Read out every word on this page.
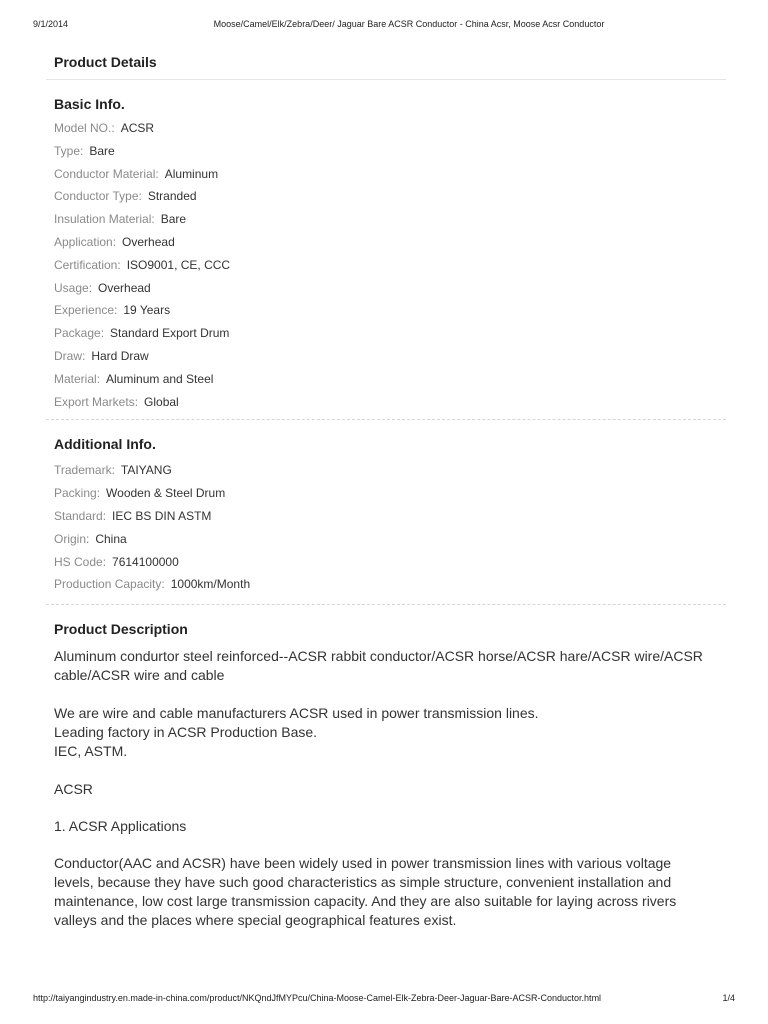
9/1/2014	Moose/Camel/Elk/Zebra/Deer/ Jaguar Bare ACSR Conductor - China Acsr, Moose Acsr Conductor
Product Details
Basic Info.
Model NO.: ACSR
Type: Bare
Conductor Material: Aluminum
Conductor Type: Stranded
Insulation Material: Bare
Application: Overhead
Certification: ISO9001, CE, CCC
Usage: Overhead
Experience: 19 Years
Package: Standard Export Drum
Draw: Hard Draw
Material: Aluminum and Steel
Export Markets: Global
Additional Info.
Trademark: TAIYANG
Packing: Wooden & Steel Drum
Standard: IEC BS DIN ASTM
Origin: China
HS Code: 7614100000
Production Capacity: 1000km/Month
Product Description

Aluminum condurtor steel reinforced--ACSR rabbit conductor/ACSR horse/ACSR hare/ACSR wire/ACSR

cable/ACSR wire and cable

We are wire and cable manufacturers ACSR used in power transmission lines.

Leading factory in ACSR Production Base.

IEC, ASTM.

ACSR

1. ACSR Applications

Conductor(AAC and ACSR) have been widely used in power transmission lines with various voltage

levels, because they have such good characteristics as simple structure, convenient installation and

maintenance, low cost large transmission capacity. And they are also suitable for laying across rivers

valleys and the places where special geographical features exist.

http://taiyangindustry.en.made-in-china.com/product/NKQndJfMYPcu/China-Moose-Camel-Elk-Zebra-Deer-Jaguar-Bare-ACSR-Conductor.html	1/4
